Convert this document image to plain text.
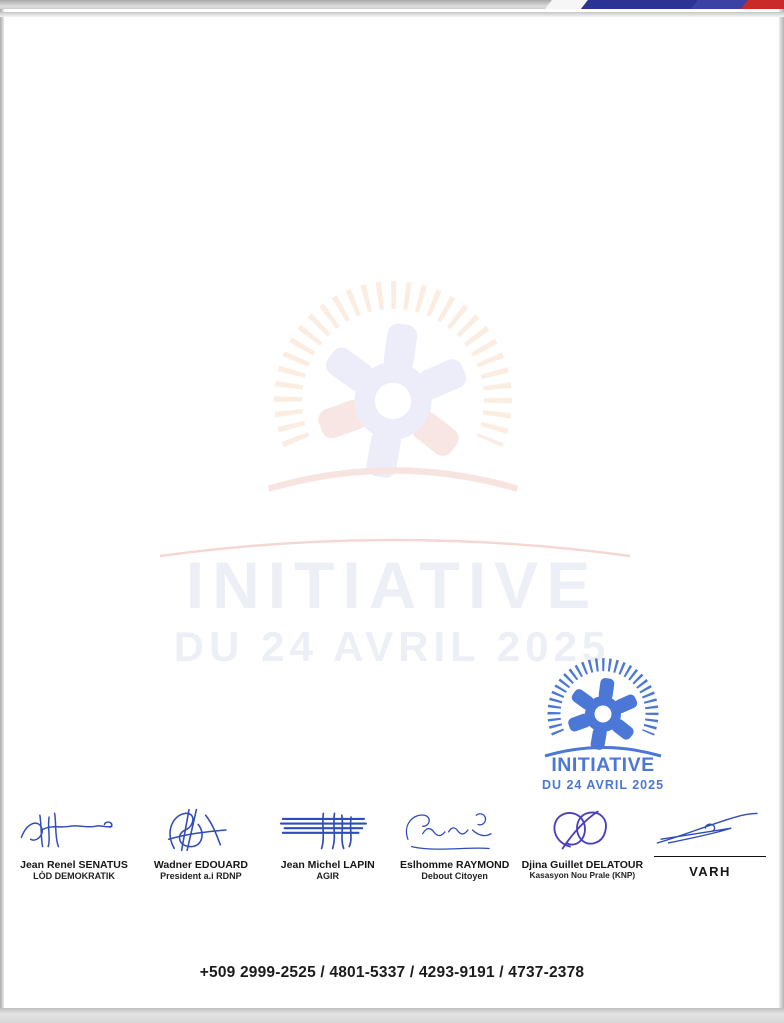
INITIATIVE
DU 24 AVRIL 2025

INITIATIVE
DU 24 AVRIL 2025
Jean Renel SENATUS
LÒD DEMOKRATIK
Wadner EDOUARD
President a.i RDNP
Jean Michel LAPIN
AGIR
Eslhomme RAYMOND
Debout Citoyen
Djina Guillet DELATOUR
Kasasyon Nou Prale (KNP)	VARH
+509 2999-2525 / 4801-5337 / 4293-9191 / 4737-2378
